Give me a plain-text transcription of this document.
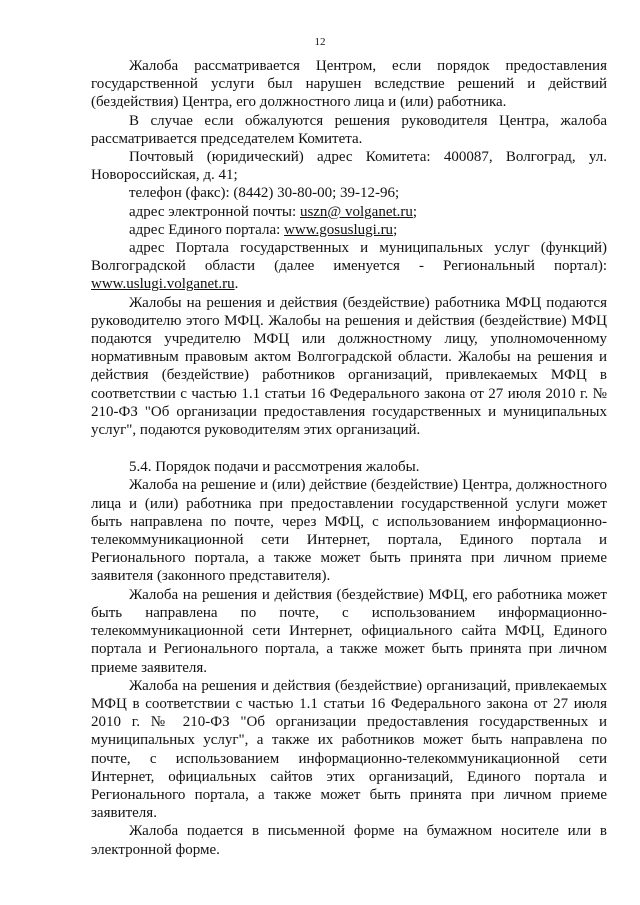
12

Жалоба рассматривается Центром, если порядок предоставления государственной услуги был нарушен вследствие решений и действий (бездействия) Центра, его должностного лица и (или) работника.

В случае если обжалуются решения руководителя Центра, жалоба рассматривается председателем Комитета.

Почтовый (юридический) адрес Комитета: 400087, Волгоград, ул. Новороссийская, д. 41;

телефон (факс): (8442) 30-80-00; 39-12-96;

адрес электронной почты: uszn@ volganet.ru;

адрес Единого портала: www.gosuslugi.ru;

адрес Портала государственных и муниципальных услуг (функций) Волгоградской области (далее именуется - Региональный портал): www.uslugi.volganet.ru.

Жалобы на решения и действия (бездействие) работника МФЦ подаются руководителю этого МФЦ. Жалобы на решения и действия (бездействие) МФЦ подаются учредителю МФЦ или должностному лицу, уполномоченному нормативным правовым актом Волгоградской области. Жалобы на решения и действия (бездействие) работников организаций, привлекаемых МФЦ в соответствии с частью 1.1 статьи 16 Федерального закона от 27 июля 2010 г. № 210-ФЗ "Об организации предоставления государственных и муниципальных услуг", подаются руководителям этих организаций.

5.4. Порядок подачи и рассмотрения жалобы.

Жалоба на решение и (или) действие (бездействие) Центра, должностного лица и (или) работника при предоставлении государственной услуги может быть направлена по почте, через МФЦ, с использованием информационно-телекоммуникационной сети Интернет, портала, Единого портала и Регионального портала, а также может быть принята при личном приеме заявителя (законного представителя).

Жалоба на решения и действия (бездействие) МФЦ, его работника может быть направлена по почте, с использованием информационно-телекоммуникационной сети Интернет, официального сайта МФЦ, Единого портала и Регионального портала, а также может быть принята при личном приеме заявителя.

Жалоба на решения и действия (бездействие) организаций, привлекаемых МФЦ в соответствии с частью 1.1 статьи 16 Федерального закона от 27 июля 2010 г. № 210-ФЗ "Об организации предоставления государственных и муниципальных услуг", а также их работников может быть направлена по почте, с использованием информационно-телекоммуникационной сети Интернет, официальных сайтов этих организаций, Единого портала и Регионального портала, а также может быть принята при личном приеме заявителя.

Жалоба подается в письменной форме на бумажном носителе или в электронной форме.
